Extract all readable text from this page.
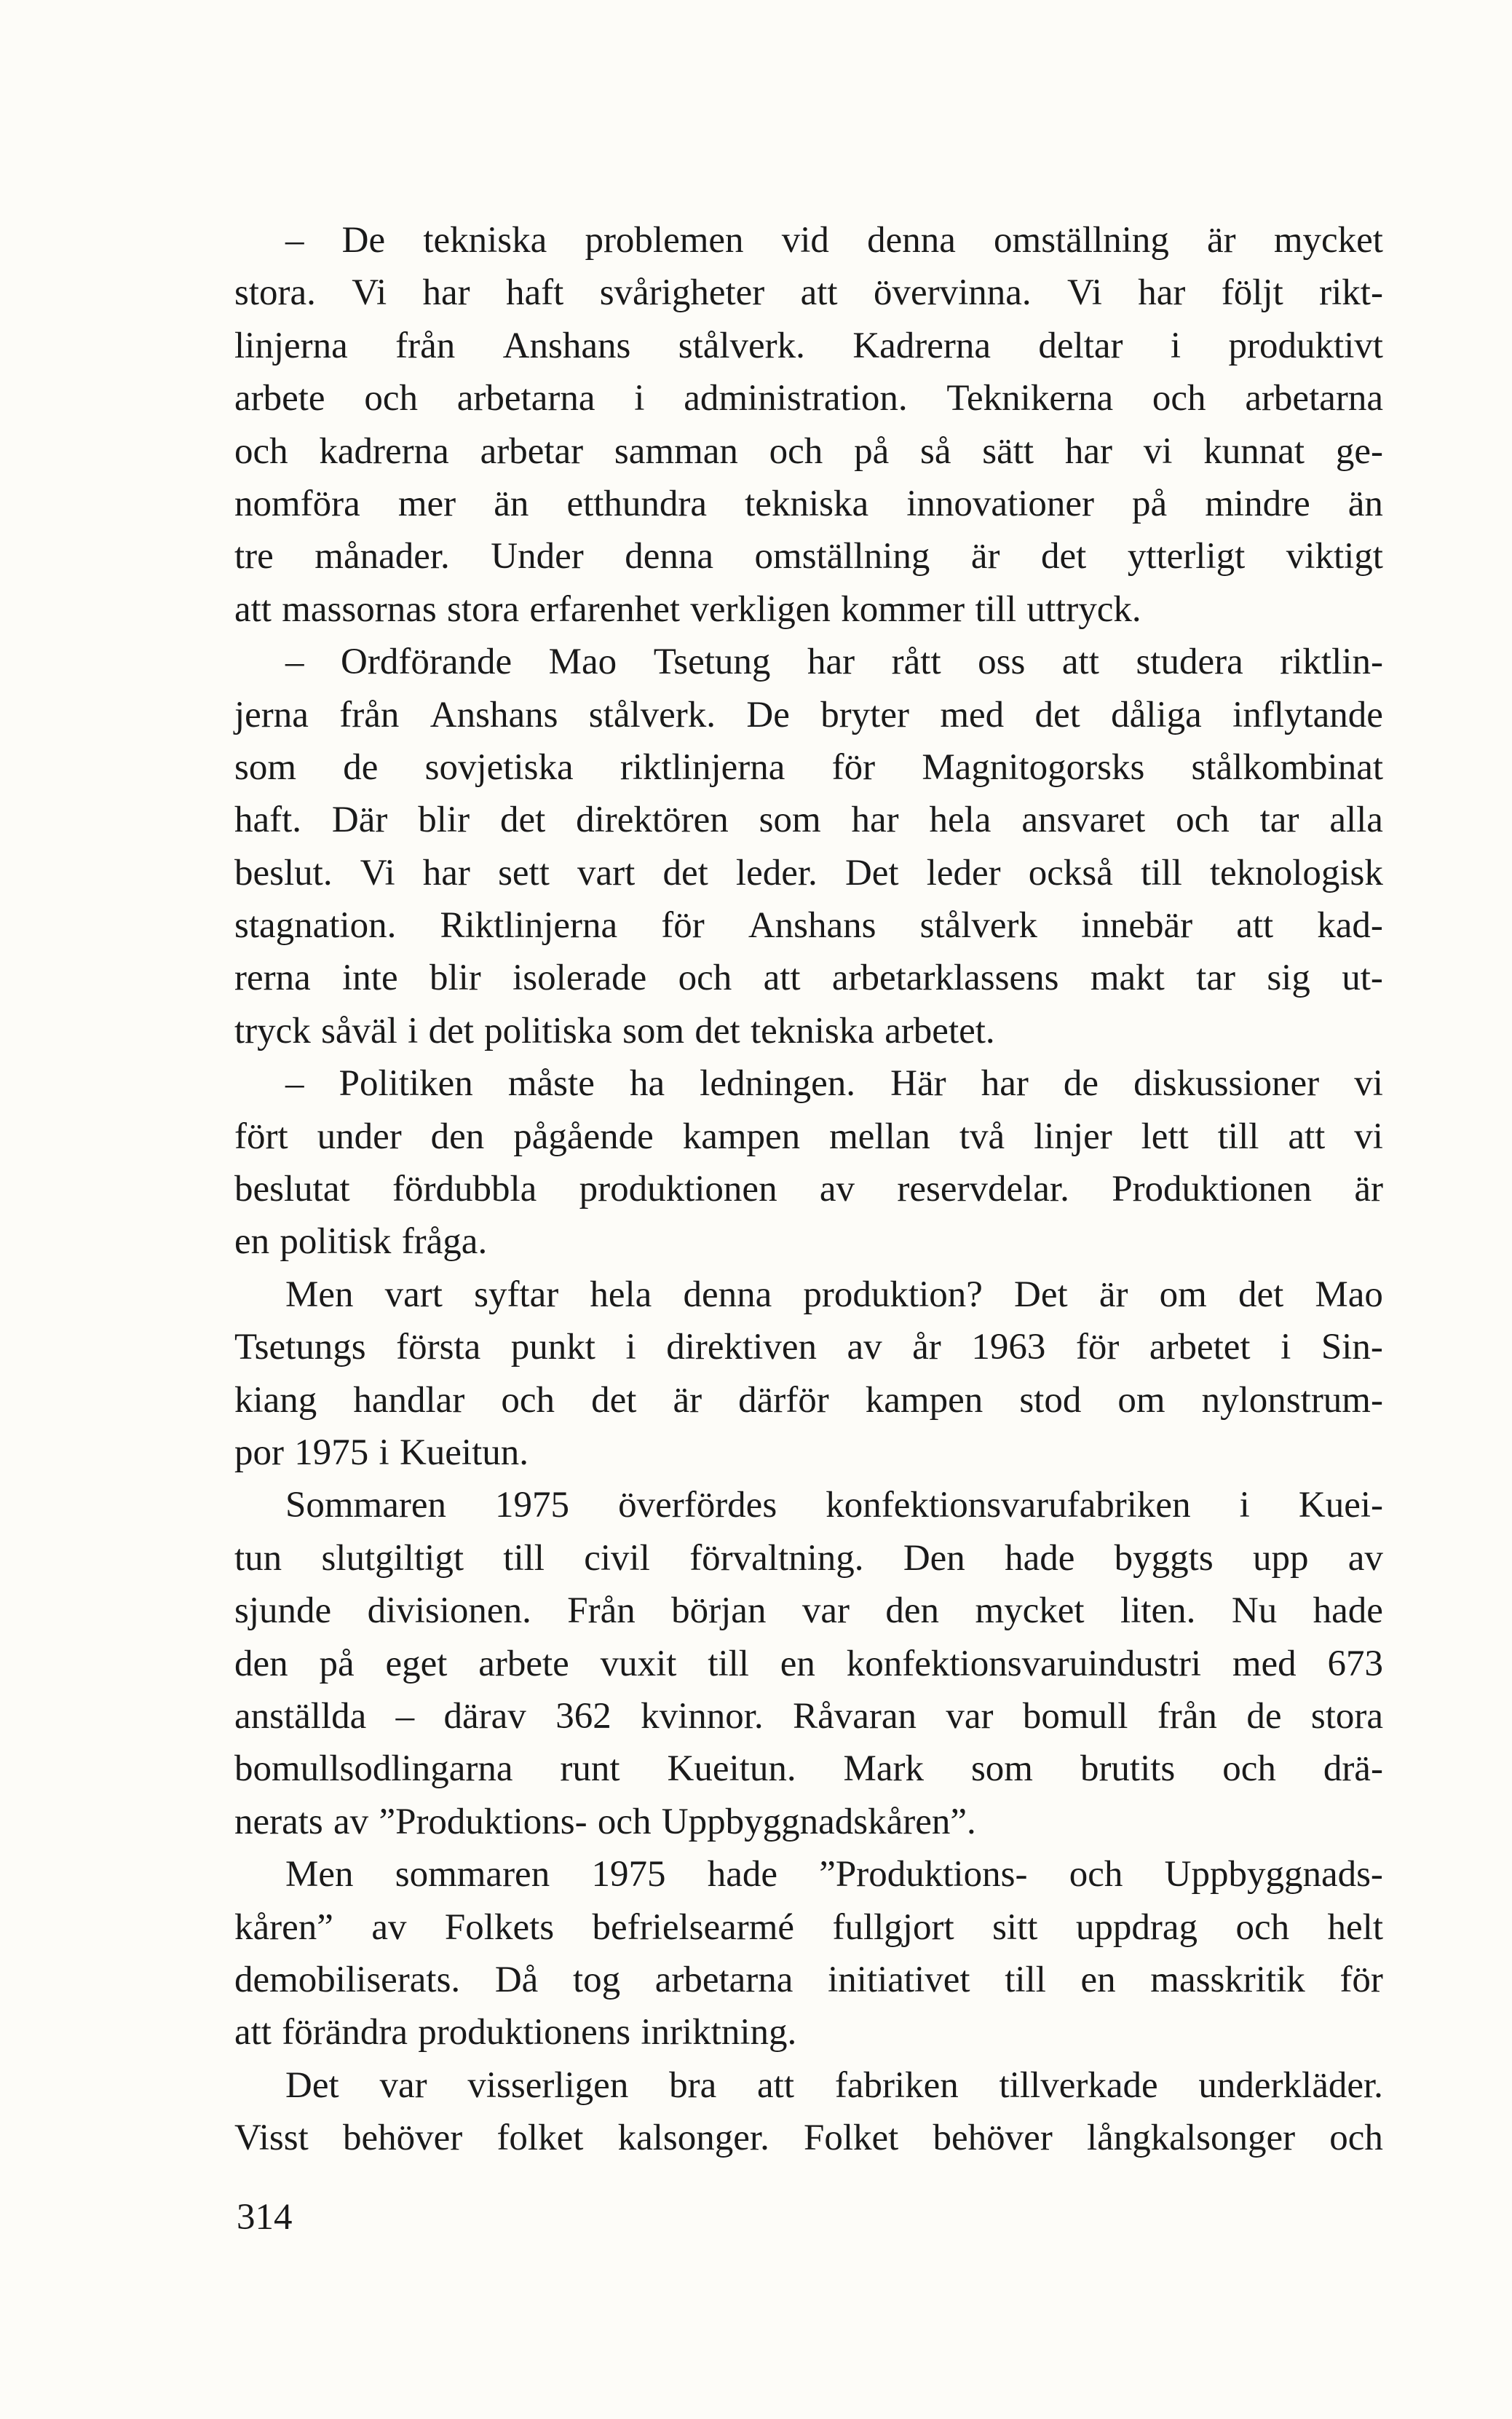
– De tekniska problemen vid denna omställning är mycket
stora. Vi har haft svårigheter att övervinna. Vi har följt rikt-
linjerna från Anshans stålverk. Kadrerna deltar i produktivt
arbete och arbetarna i administration. Teknikerna och arbetarna
och kadrerna arbetar samman och på så sätt har vi kunnat ge-
nomföra mer än etthundra tekniska innovationer på mindre än
tre månader. Under denna omställning är det ytterligt viktigt
att massornas stora erfarenhet verkligen kommer till uttryck.
– Ordförande Mao Tsetung har rått oss att studera riktlin-
jerna från Anshans stålverk. De bryter med det dåliga inflytande
som de sovjetiska riktlinjerna för Magnitogorsks stålkombinat
haft. Där blir det direktören som har hela ansvaret och tar alla
beslut. Vi har sett vart det leder. Det leder också till teknologisk
stagnation. Riktlinjerna för Anshans stålverk innebär att kad-
rerna inte blir isolerade och att arbetarklassens makt tar sig ut-
tryck såväl i det politiska som det tekniska arbetet.
– Politiken måste ha ledningen. Här har de diskussioner vi
fört under den pågående kampen mellan två linjer lett till att vi
beslutat fördubbla produktionen av reservdelar. Produktionen är
en politisk fråga.
Men vart syftar hela denna produktion? Det är om det Mao
Tsetungs första punkt i direktiven av år 1963 för arbetet i Sin-
kiang handlar och det är därför kampen stod om nylonstrum-
por 1975 i Kueitun.
Sommaren 1975 överfördes konfektionsvarufabriken i Kuei-
tun slutgiltigt till civil förvaltning. Den hade byggts upp av
sjunde divisionen. Från början var den mycket liten. Nu hade
den på eget arbete vuxit till en konfektionsvaruindustri med 673
anställda – därav 362 kvinnor. Råvaran var bomull från de stora
bomullsodlingarna runt Kueitun. Mark som brutits och drä-
nerats av ”Produktions- och Uppbyggnadskåren”.
Men sommaren 1975 hade ”Produktions- och Uppbyggnads-
kåren” av Folkets befrielsearmé fullgjort sitt uppdrag och helt
demobiliserats. Då tog arbetarna initiativet till en masskritik för
att förändra produktionens inriktning.
Det var visserligen bra att fabriken tillverkade underkläder.
Visst behöver folket kalsonger. Folket behöver långkalsonger och
314
